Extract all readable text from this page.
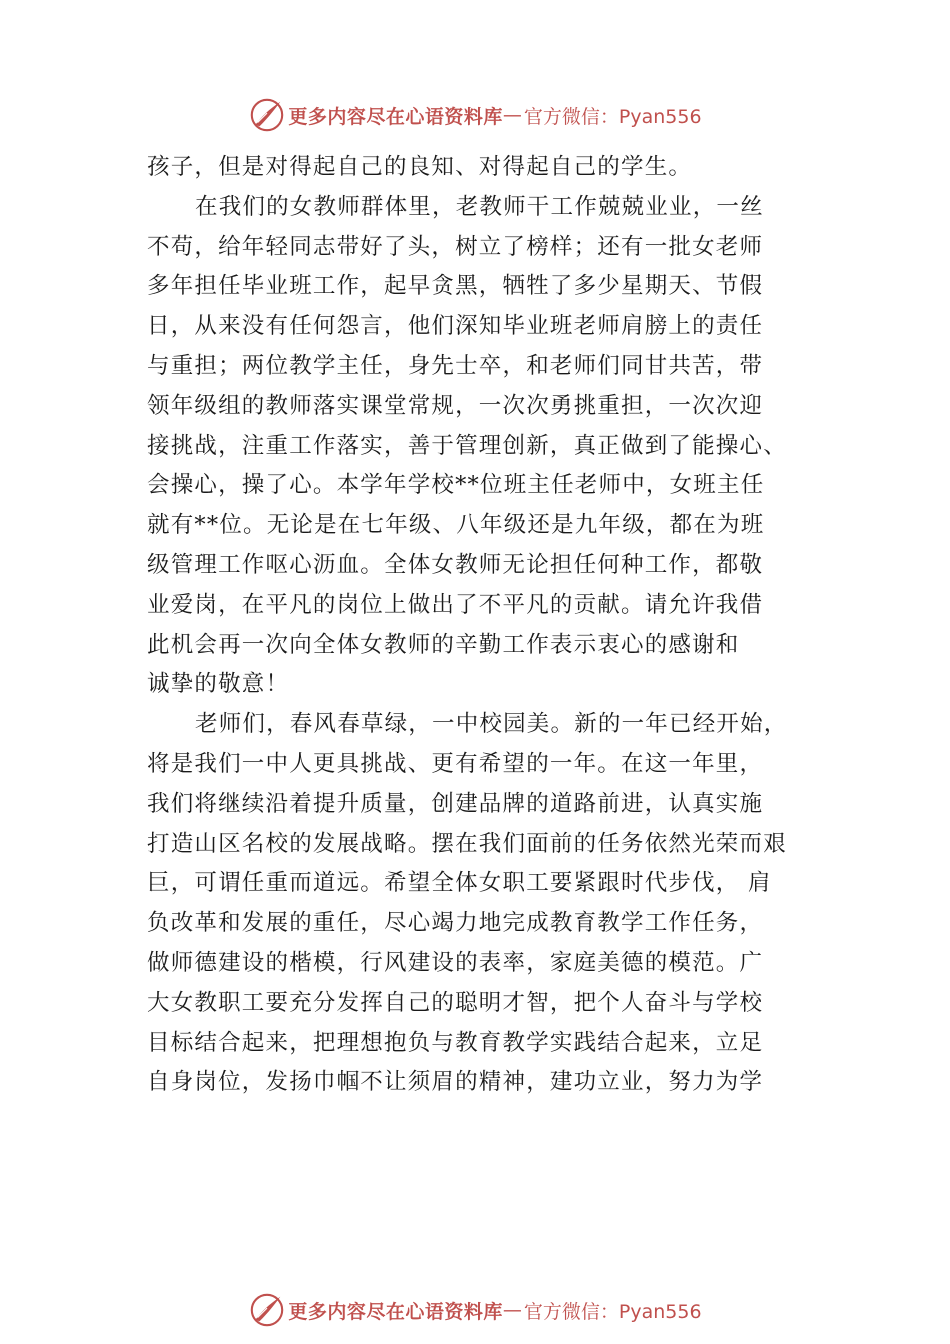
更多内容尽在心语资料库 — 官方微信：Pyan556
孩子，但是对得起自己的良知、对得起自己的学生。
在我们的女教师群体里，老教师干工作兢兢业业，一丝
不苟，给年轻同志带好了头，树立了榜样；还有一批女老师
多年担任毕业班工作，起早贪黑，牺牲了多少星期天、节假
日，从来没有任何怨言，他们深知毕业班老师肩膀上的责任
与重担；两位教学主任，身先士卒，和老师们同甘共苦，带
领年级组的教师落实课堂常规，一次次勇挑重担，一次次迎
接挑战，注重工作落实，善于管理创新，真正做到了能操心、
会操心，操了心。本学年学校**位班主任老师中，女班主任
就有**位。无论是在七年级、八年级还是九年级，都在为班
级管理工作呕心沥血。全体女教师无论担任何种工作，都敬
业爱岗，在平凡的岗位上做出了不平凡的贡献。请允许我借
此机会再一次向全体女教师的辛勤工作表示衷心的感谢和
诚挚的敬意！
老师们，春风春草绿，一中校园美。新的一年已经开始，
将是我们一中人更具挑战、更有希望的一年。在这一年里，
我们将继续沿着提升质量，创建品牌的道路前进，认真实施
打造山区名校的发展战略。摆在我们面前的任务依然光荣而艰
巨，可谓任重而道远。希望全体女职工要紧跟时代步伐， 肩
负改革和发展的重任，尽心竭力地完成教育教学工作任务，
做师德建设的楷模，行风建设的表率，家庭美德的模范。广
大女教职工要充分发挥自己的聪明才智，把个人奋斗与学校
目标结合起来，把理想抱负与教育教学实践结合起来，立足
自身岗位，发扬巾帼不让须眉的精神，建功立业，努力为学
更多内容尽在心语资料库 — 官方微信：Pyan556
